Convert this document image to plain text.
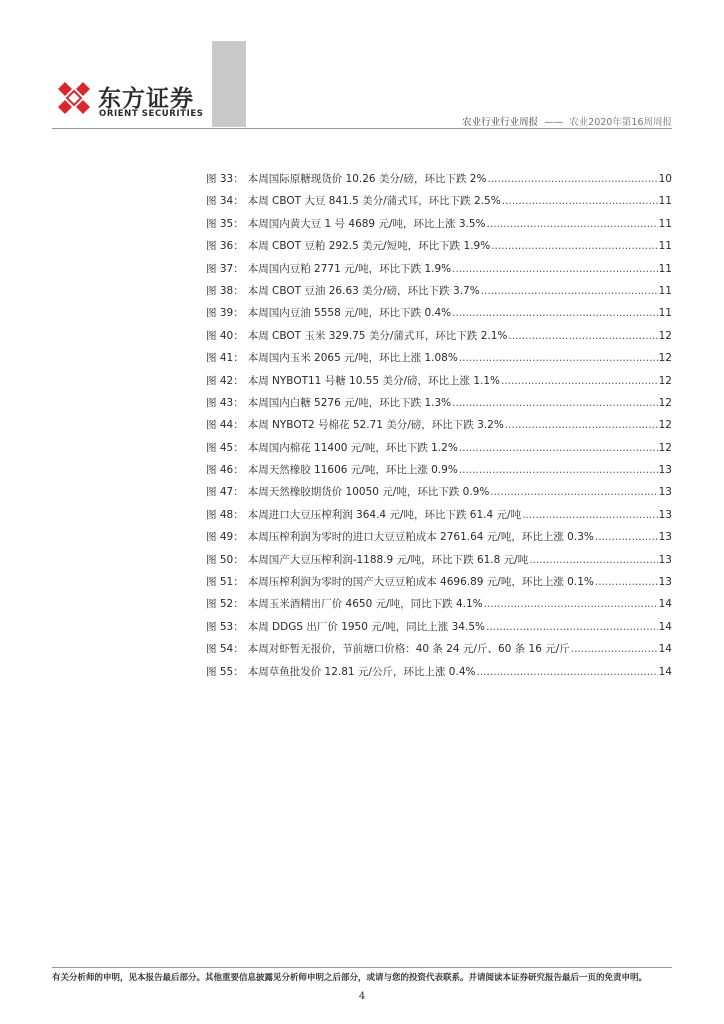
东方证券
ORIENT SECURITIES
农业行业行业周报 —— 农业2020年第16周周报
图 33： 本周国际原糖现货价 10.26 美分/磅，环比下跌 2% .....	10
图 34： 本周 CBOT 大豆 841.5 美分/蒲式耳，环比下跌 2.5% .....	11
图 35： 本周国内黄大豆 1 号 4689 元/吨，环比上涨 3.5% .....	11
图 36： 本周 CBOT 豆粕 292.5 美元/短吨，环比下跌 1.9% .....	11
图 37： 本周国内豆粕 2771 元/吨，环比下跌 1.9% .....	11
图 38： 本周 CBOT 豆油 26.63 美分/磅，环比下跌 3.7% .....	11
图 39： 本周国内豆油 5558 元/吨，环比下跌 0.4% .....	11
图 40： 本周 CBOT 玉米 329.75 美分/蒲式耳，环比下跌 2.1% .....	12
图 41： 本周国内玉米 2065 元/吨，环比上涨 1.08% .....	12
图 42： 本周 NYBOT11 号糖 10.55 美分/磅，环比上涨 1.1% .....	12
图 43： 本周国内白糖 5276 元/吨，环比下跌 1.3% .....	12
图 44： 本周 NYBOT2 号棉花 52.71 美分/磅，环比下跌 3.2% .....	12
图 45： 本周国内棉花 11400 元/吨，环比下跌 1.2% .....	12
图 46： 本周天然橡胶 11606 元/吨，环比上涨 0.9% .....	13
图 47： 本周天然橡胶期货价 10050 元/吨，环比下跌 0.9% .....	13
图 48： 本周进口大豆压榨利润 364.4 元/吨，环比下跌 61.4 元/吨 .....	13
图 49： 本周压榨利润为零时的进口大豆豆粕成本 2761.64 元/吨，环比上涨 0.3% .....	13
图 50： 本周国产大豆压榨利润-1188.9 元/吨，环比下跌 61.8 元/吨 .....	13
图 51： 本周压榨利润为零时的国产大豆豆粕成本 4696.89 元/吨，环比上涨 0.1% .....	13
图 52： 本周玉米酒精出厂价 4650 元/吨，同比下跌 4.1% .....	14
图 53： 本周 DDGS 出厂价 1950 元/吨，同比上涨 34.5% .....	14
图 54： 本周对虾暂无报价，节前塘口价格：40 条 24 元/斤、60 条 16 元/斤 .....	14
图 55： 本周草鱼批发价 12.81 元/公斤，环比上涨 0.4% .....	14
有关分析师的申明，见本报告最后部分。其他重要信息披露见分析师申明之后部分，或请与您的投资代表联系。并请阅读本证券研究报告最后一页的免责申明。
4
